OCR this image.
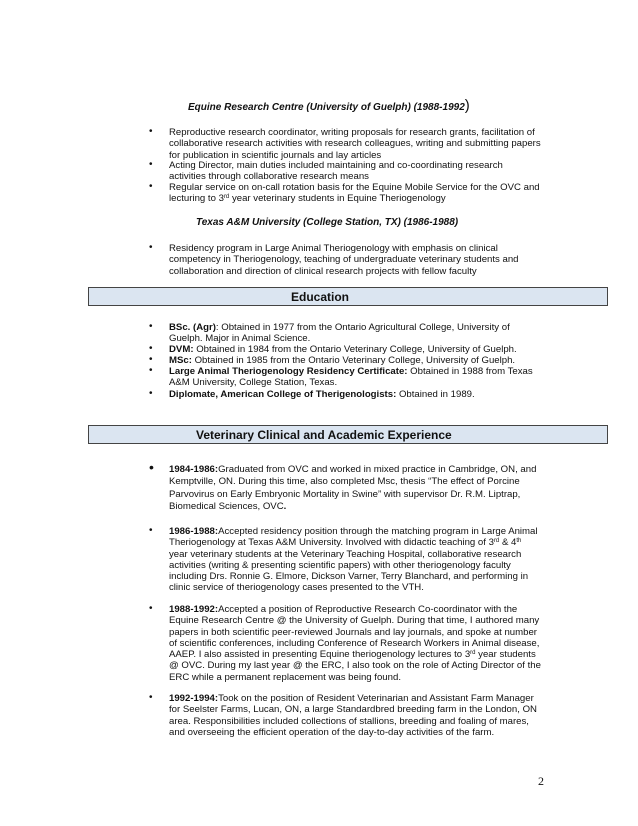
Equine Research Centre (University of Guelph) (1988-1992)
• Reproductive research coordinator, writing proposals for research grants, facilitation of collaborative research activities with research colleagues, writing and submitting papers for publication in scientific journals and lay articles
• Acting Director, main duties included maintaining and co-coordinating research activities through collaborative research means
• Regular service on on-call rotation basis for the Equine Mobile Service for the OVC and lecturing to 3rd year veterinary students in Equine Theriogenology
Texas A&M University (College Station, TX) (1986-1988)
• Residency program in Large Animal Theriogenology with emphasis on clinical competency in Theriogenology, teaching of undergraduate veterinary students and collaboration and direction of clinical research projects with fellow faculty
Education
• BSc. (Agr): Obtained in 1977 from the Ontario Agricultural College, University of Guelph. Major in Animal Science.
• DVM: Obtained in 1984 from the Ontario Veterinary College, University of Guelph.
• MSc: Obtained in 1985 from the Ontario Veterinary College, University of Guelph.
• Large Animal Theriogenology Residency Certificate: Obtained in 1988 from Texas A&M University, College Station, Texas.
• Diplomate, American College of Therigenologists: Obtained in 1989.
Veterinary Clinical and Academic Experience
• 1984-1986:Graduated from OVC and worked in mixed practice in Cambridge, ON, and Kemptville, ON. During this time, also completed Msc, thesis “The effect of Porcine Parvovirus on Early Embryonic Mortality in Swine” with supervisor Dr. R.M. Liptrap, Biomedical Sciences, OVC.
• 1986-1988:Accepted residency position through the matching program in Large Animal Theriogenology at Texas A&M University. Involved with didactic teaching of 3rd & 4th year veterinary students at the Veterinary Teaching Hospital, collaborative research activities (writing & presenting scientific papers) with other theriogenology faculty including Drs. Ronnie G. Elmore, Dickson Varner, Terry Blanchard, and performing in clinic service of theriogenology cases presented to the VTH.
• 1988-1992:Accepted a position of Reproductive Research Co-coordinator with the Equine Research Centre @ the University of Guelph. During that time, I authored many papers in both scientific peer-reviewed Journals and lay journals, and spoke at number of scientific conferences, including Conference of Research Workers in Animal disease, AAEP. I also assisted in presenting Equine theriogenology lectures to 3rd year students @ OVC. During my last year @ the ERC, I also took on the role of Acting Director of the ERC while a permanent replacement was being found.
• 1992-1994:Took on the position of Resident Veterinarian and Assistant Farm Manager for Seelster Farms, Lucan, ON, a large Standardbred breeding farm in the London, ON area. Responsibilities included collections of stallions, breeding and foaling of mares, and overseeing the efficient operation of the day-to-day activities of the farm.
2
